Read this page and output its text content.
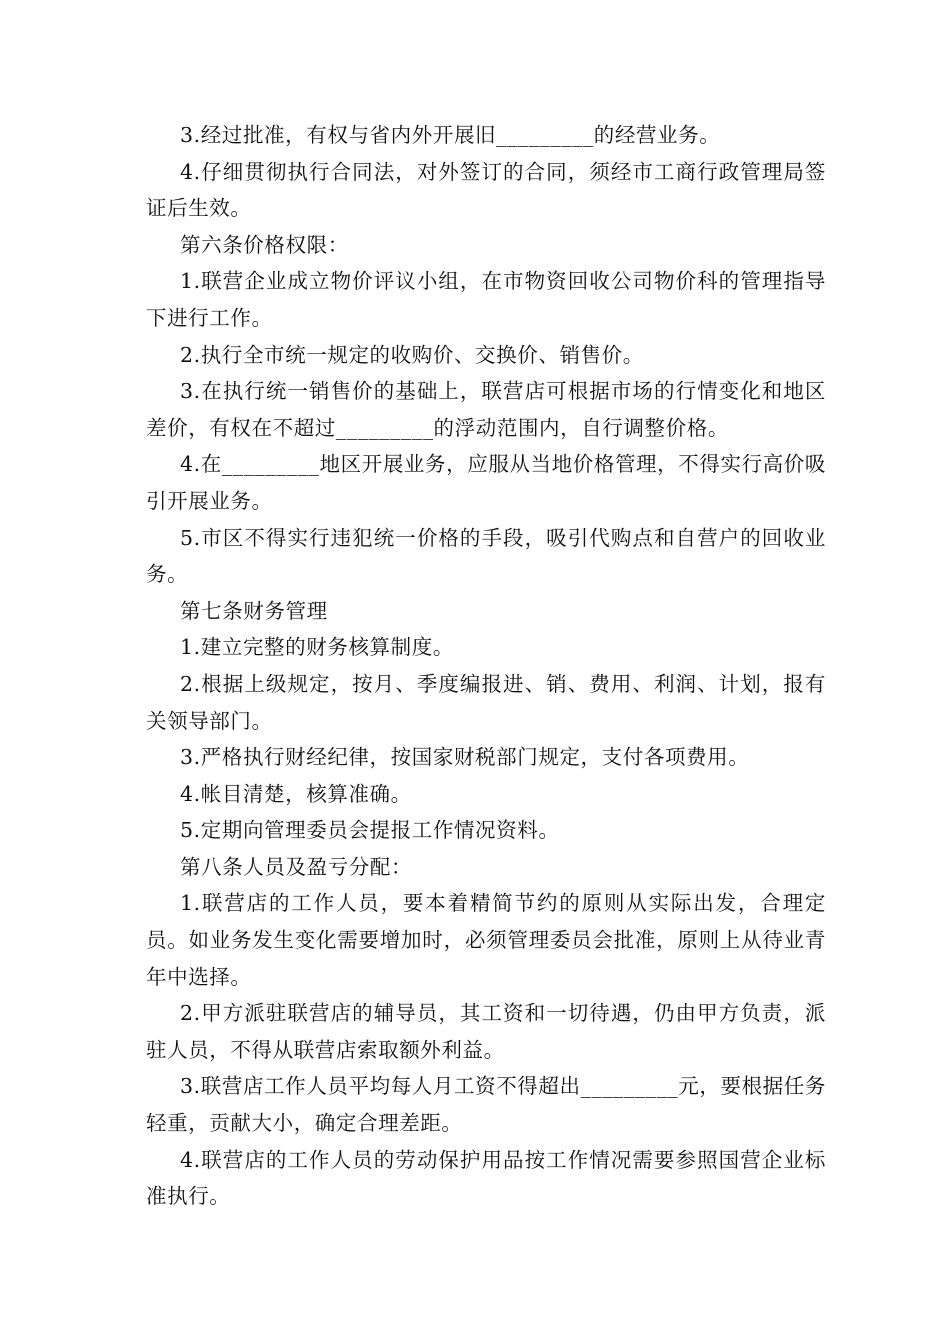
3.经过批准，有权与省内外开展旧_________的经营业务。

4.仔细贯彻执行合同法，对外签订的合同，须经市工商行政管理局签证后生效。

第六条价格权限：

1.联营企业成立物价评议小组，在市物资回收公司物价科的管理指导下进行工作。

2.执行全市统一规定的收购价、交换价、销售价。

3.在执行统一销售价的基础上，联营店可根据市场的行情变化和地区差价，有权在不超过_________的浮动范围内，自行调整价格。

4.在_________地区开展业务，应服从当地价格管理，不得实行高价吸引开展业务。

5.市区不得实行违犯统一价格的手段，吸引代购点和自营户的回收业务。

第七条财务管理

1.建立完整的财务核算制度。

2.根据上级规定，按月、季度编报进、销、费用、利润、计划，报有关领导部门。

3.严格执行财经纪律，按国家财税部门规定，支付各项费用。

4.帐目清楚，核算准确。

5.定期向管理委员会提报工作情况资料。

第八条人员及盈亏分配：

1.联营店的工作人员，要本着精简节约的原则从实际出发，合理定员。如业务发生变化需要增加时，必须管理委员会批准，原则上从待业青年中选择。

2.甲方派驻联营店的辅导员，其工资和一切待遇，仍由甲方负责，派驻人员，不得从联营店索取额外利益。

3.联营店工作人员平均每人月工资不得超出_________元，要根据任务轻重，贡献大小，确定合理差距。

4.联营店的工作人员的劳动保护用品按工作情况需要参照国营企业标准执行。
